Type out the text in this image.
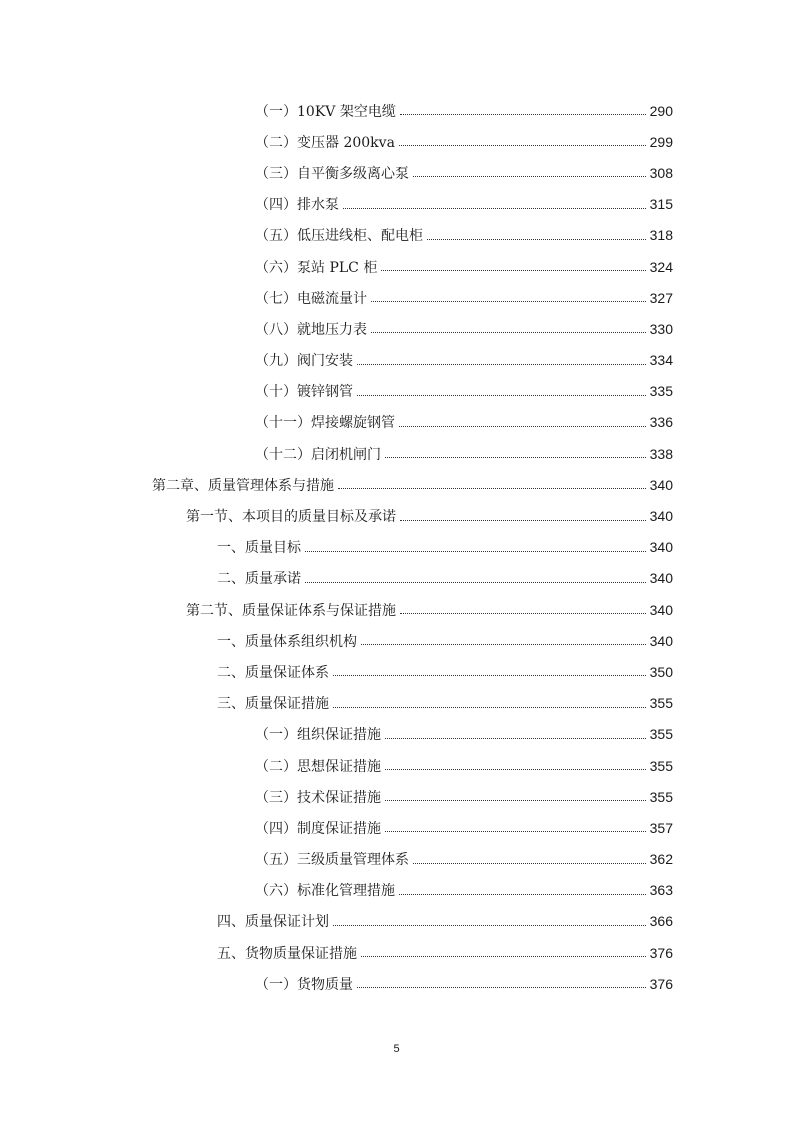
（一）10KV 架空电缆	290
（二）变压器 200kva	299
（三）自平衡多级离心泵	308
（四）排水泵	315
（五）低压进线柜、配电柜	318
（六）泵站 PLC 柜	324
（七）电磁流量计	327
（八）就地压力表	330
（九）阀门安装	334
（十）镀锌钢管	335
（十一）焊接螺旋钢管	336
（十二）启闭机闸门	338
第二章、质量管理体系与措施	340
第一节、本项目的质量目标及承诺	340
一、质量目标	340
二、质量承诺	340
第二节、质量保证体系与保证措施	340
一、质量体系组织机构	340
二、质量保证体系	350
三、质量保证措施	355
（一）组织保证措施	355
（二）思想保证措施	355
（三）技术保证措施	355
（四）制度保证措施	357
（五）三级质量管理体系	362
（六）标准化管理措施	363
四、质量保证计划	366
五、货物质量保证措施	376
（一）货物质量	376
5
